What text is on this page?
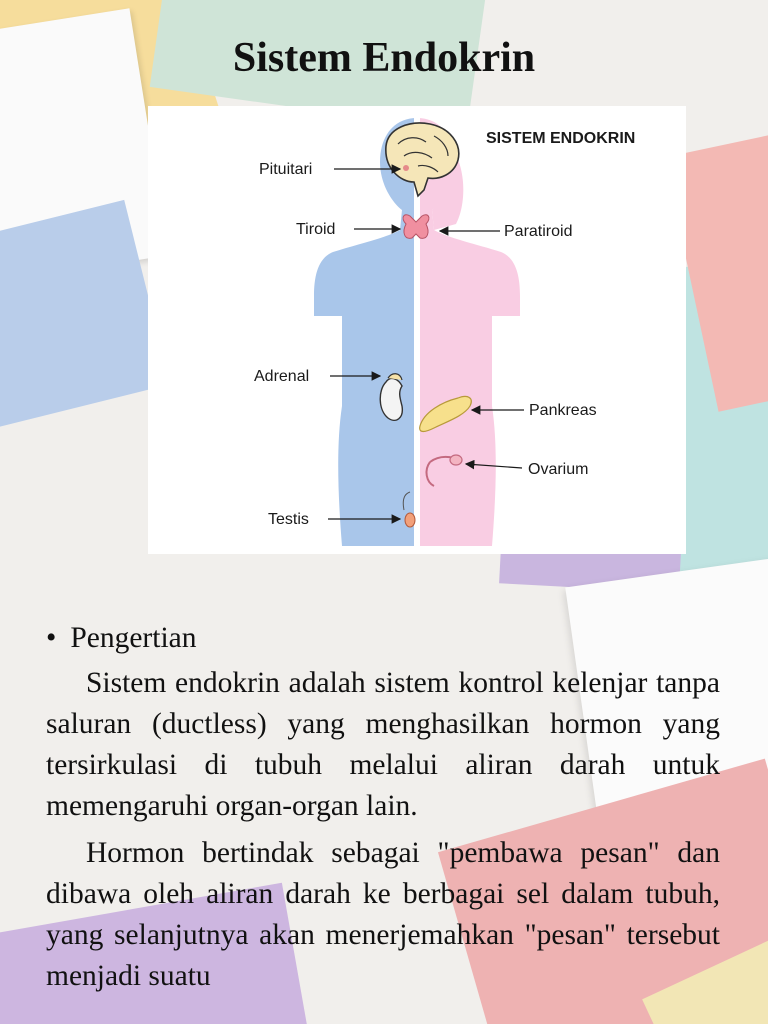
Sistem Endokrin
SISTEM ENDOKRIN
Pituitari
Tiroid	Paratiroid
Adrenal
Pankreas
Ovarium
Testis
• Pengertian

Sistem endokrin adalah sistem kontrol kelenjar tanpa saluran (ductless) yang menghasilkan hormon yang tersirkulasi di tubuh melalui aliran darah untuk memengaruhi organ-organ lain.

Hormon bertindak sebagai "pembawa pesan" dan dibawa oleh aliran darah ke berbagai sel dalam tubuh, yang selanjutnya akan menerjemahkan "pesan" tersebut menjadi suatu
